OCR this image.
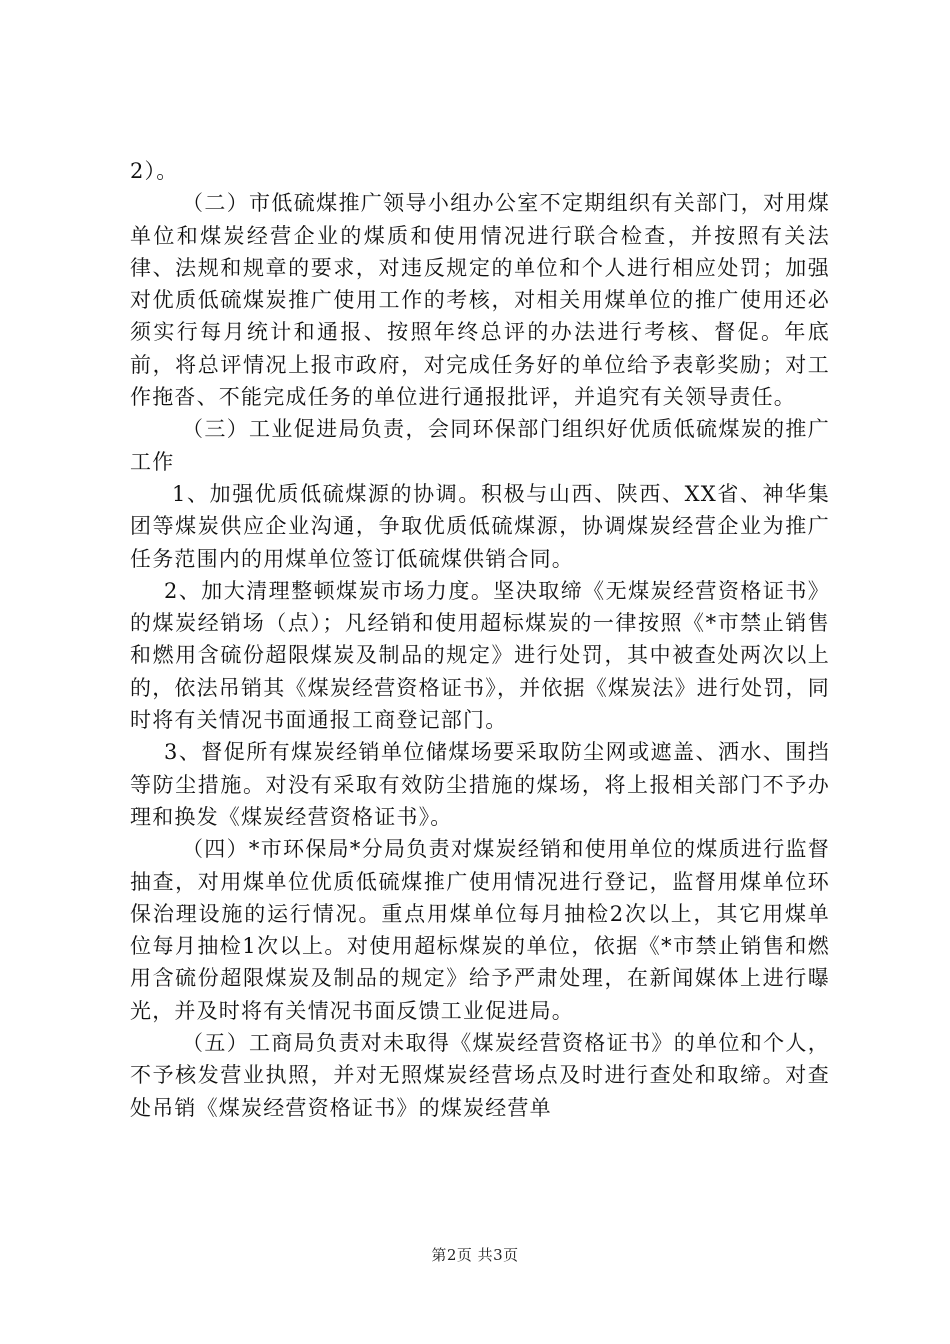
2）。

（二）市低硫煤推广领导小组办公室不定期组织有关部门，对用煤单位和煤炭经营企业的煤质和使用情况进行联合检查，并按照有关法律、法规和规章的要求，对违反规定的单位和个人进行相应处罚；加强对优质低硫煤炭推广使用工作的考核，对相关用煤单位的推广使用还必须实行每月统计和通报、按照年终总评的办法进行考核、督促。年底前，将总评情况上报市政府，对完成任务好的单位给予表彰奖励；对工作拖沓、不能完成任务的单位进行通报批评，并追究有关领导责任。

（三）工业促进局负责，会同环保部门组织好优质低硫煤炭的推广工作

1、加强优质低硫煤源的协调。积极与山西、陕西、XX省、神华集团等煤炭供应企业沟通，争取优质低硫煤源，协调煤炭经营企业为推广任务范围内的用煤单位签订低硫煤供销合同。

2、加大清理整顿煤炭市场力度。坚决取缔《无煤炭经营资格证书》的煤炭经销场（点）；凡经销和使用超标煤炭的一律按照《*市禁止销售和燃用含硫份超限煤炭及制品的规定》进行处罚，其中被查处两次以上的，依法吊销其《煤炭经营资格证书》，并依据《煤炭法》进行处罚，同时将有关情况书面通报工商登记部门。

3、督促所有煤炭经销单位储煤场要采取防尘网或遮盖、洒水、围挡等防尘措施。对没有采取有效防尘措施的煤场，将上报相关部门不予办理和换发《煤炭经营资格证书》。

（四）*市环保局*分局负责对煤炭经销和使用单位的煤质进行监督抽查，对用煤单位优质低硫煤推广使用情况进行登记，监督用煤单位环保治理设施的运行情况。重点用煤单位每月抽检2次以上，其它用煤单位每月抽检1次以上。对使用超标煤炭的单位，依据《*市禁止销售和燃用含硫份超限煤炭及制品的规定》给予严肃处理，在新闻媒体上进行曝光，并及时将有关情况书面反馈工业促进局。

（五）工商局负责对未取得《煤炭经营资格证书》的单位和个人，不予核发营业执照，并对无照煤炭经营场点及时进行查处和取缔。对查处吊销《煤炭经营资格证书》的煤炭经营单

第2页 共3页
